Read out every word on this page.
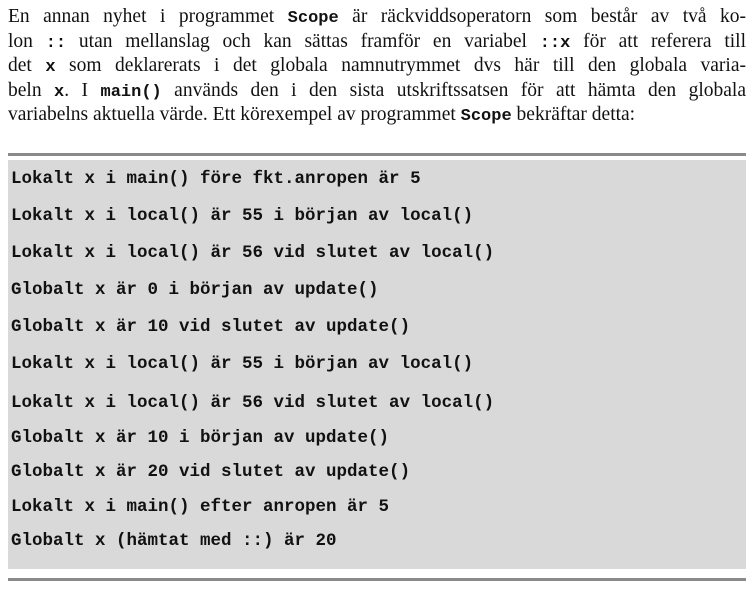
En annan nyhet i programmet Scope är räckviddsoperatorn som består av två ko-
lon :: utan mellanslag och kan sättas framför en variabel ::x för att referera till
det x som deklarerats i det globala namnutrymmet dvs här till den globala varia-
beln x. I main() används den i den sista utskriftssatsen för att hämta den globala
variabelns aktuella värde. Ett körexempel av programmet Scope bekräftar detta:
Lokalt x i main() före fkt.anropen är 5
Lokalt x i local() är 55 i början av local()
Lokalt x i local() är 56 vid slutet av local()
Globalt x är 0 i början av update()
Globalt x är 10 vid slutet av update()
Lokalt x i local() är 55 i början av local()
Lokalt x i local() är 56 vid slutet av local()
Globalt x är 10 i början av update()
Globalt x är 20 vid slutet av update()
Lokalt x i main() efter anropen är 5
Globalt x (hämtat med ::) är 20
